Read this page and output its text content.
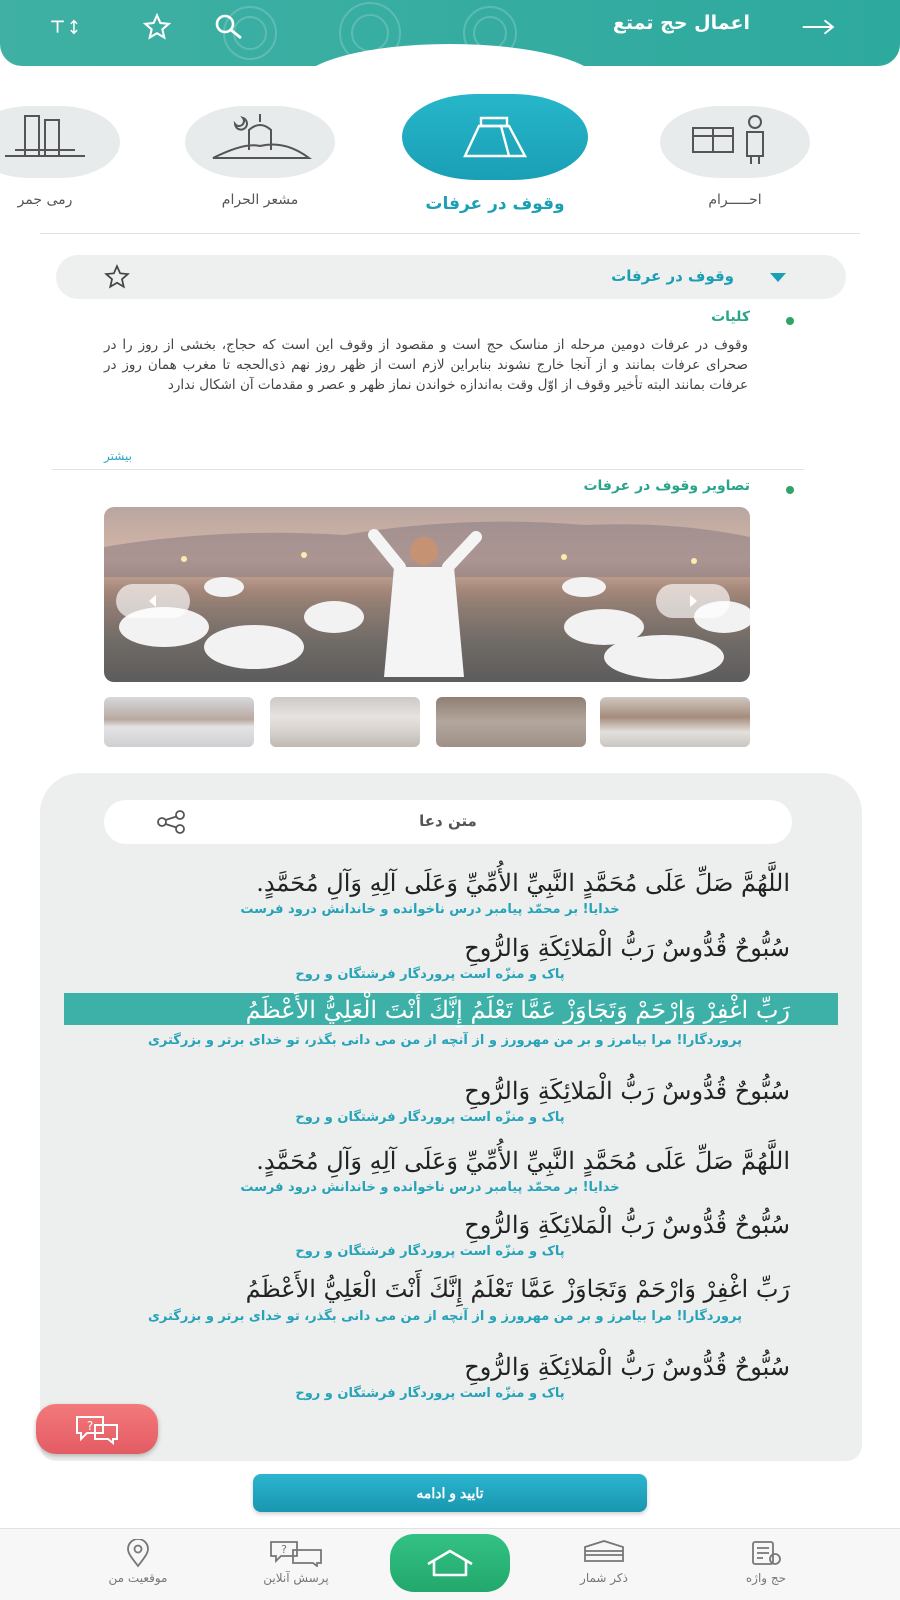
اعمال حج تمتع
احـــــرام
وقوف در عرفات
مشعر الحرام
رمی جمر
وقوف در عرفات
کلیات
وقوف در عرفات دومین مرحله از مناسک حج است و مقصود از وقوف این است که حجاج، بخشی از روز را در صحرای عرفات بمانند و از آنجا خارج نشوند بنابراین لازم است از ظهر روز نهم ذی‌الحجه تا مغرب همان روز در عرفات بمانند البته تأخیر وقوف از اوّل وقت به‌اندازه خواندن نماز ظهر و عصر و مقدمات آن اشکال ندارد
بیشتر
تصاویر وقوف در عرفات
متن دعا
اللَّهُمَّ صَلِّ عَلَى مُحَمَّدٍ النَّبِيِّ الأُمِّيِّ وَعَلَى آلِهِ وَآلِ مُحَمَّدٍ.
خدایا! بر محمّد پیامبر درس ناخوانده و خاندانش درود فرست
سُبُّوحٌ قُدُّوسٌ رَبُّ الْمَلائِكَةِ وَالرُّوحِ
پاک و منزّه است پروردگار فرشتگان و روح
رَبِّ اغْفِرْ وَارْحَمْ وَتَجَاوَزْ عَمَّا تَعْلَمُ إِنَّكَ أَنْتَ الْعَلِيُّ الأَعْظَمُ
پروردگارا! مرا بیامرز و بر من مهرورز و از آنچه از من می دانی بگذر، تو خدای برتر و بزرگتری
سُبُّوحٌ قُدُّوسٌ رَبُّ الْمَلائِكَةِ وَالرُّوحِ
پاک و منزّه است پروردگار فرشتگان و روح
اللَّهُمَّ صَلِّ عَلَى مُحَمَّدٍ النَّبِيِّ الأُمِّيِّ وَعَلَى آلِهِ وَآلِ مُحَمَّدٍ.
خدایا! بر محمّد پیامبر درس ناخوانده و خاندانش درود فرست
سُبُّوحٌ قُدُّوسٌ رَبُّ الْمَلائِكَةِ وَالرُّوحِ
پاک و منزّه است پروردگار فرشتگان و روح
رَبِّ اغْفِرْ وَارْحَمْ وَتَجَاوَزْ عَمَّا تَعْلَمُ إِنَّكَ أَنْتَ الْعَلِيُّ الأَعْظَمُ
پروردگارا! مرا بیامرز و بر من مهرورز و از آنچه از من می دانی بگذر، تو خدای برتر و بزرگتری
سُبُّوحٌ قُدُّوسٌ رَبُّ الْمَلائِكَةِ وَالرُّوحِ
پاک و منزّه است پروردگار فرشتگان و روح
?
تایید و ادامه
حج واژه
ذکر شمار
?
پرسش آنلاین
موقعیت من
